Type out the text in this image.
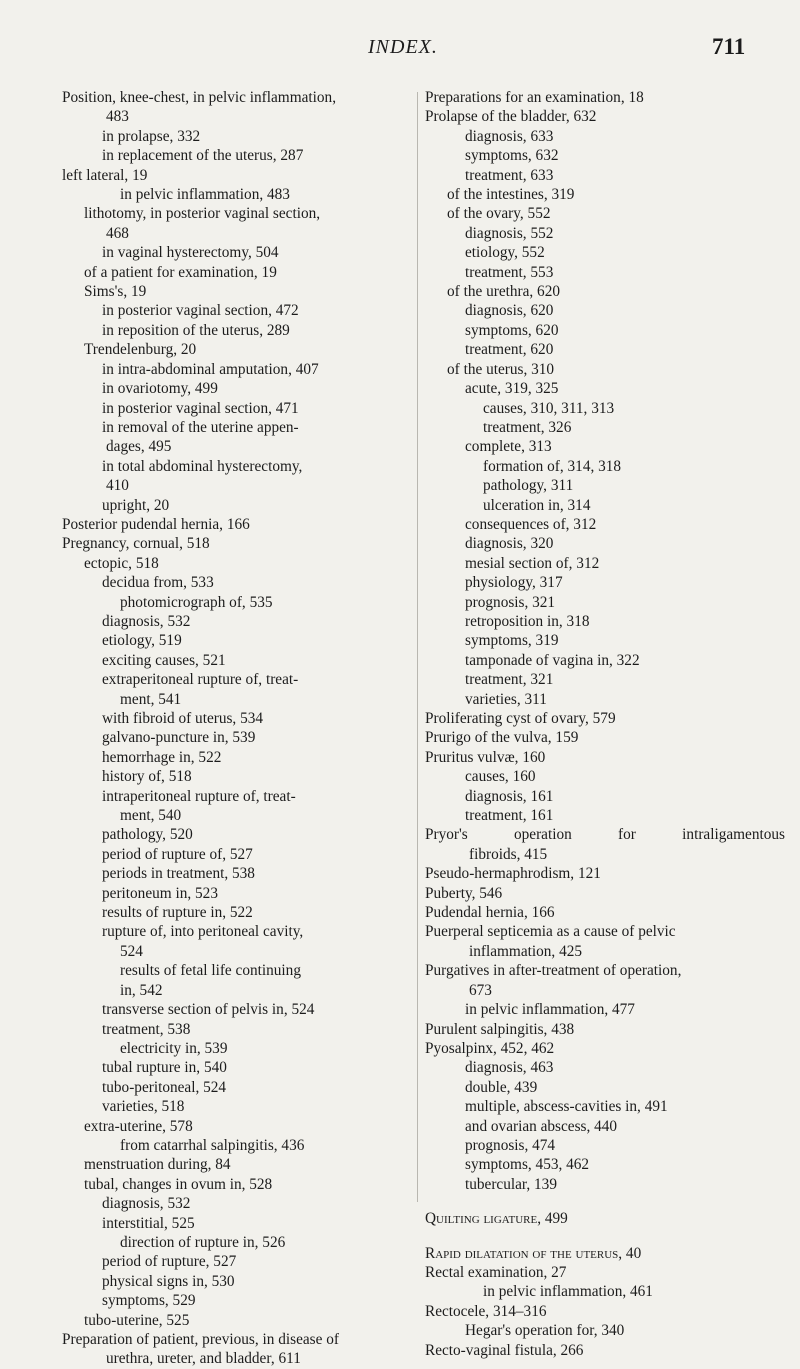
INDEX.	711
Position, knee-chest, in pelvic inflammation,
483
in prolapse, 332
in replacement of the uterus, 287
left lateral, 19
in pelvic inflammation, 483
lithotomy, in posterior vaginal section,
468
in vaginal hysterectomy, 504
of a patient for examination, 19
Sims's, 19
in posterior vaginal section, 472
in reposition of the uterus, 289
Trendelenburg, 20
in intra-abdominal amputation, 407
in ovariotomy, 499
in posterior vaginal section, 471
in removal of the uterine appen-
dages, 495
in total abdominal hysterectomy,
410
upright, 20
Posterior pudendal hernia, 166
Pregnancy, cornual, 518
ectopic, 518
decidua from, 533
photomicrograph of, 535
diagnosis, 532
etiology, 519
exciting causes, 521
extraperitoneal rupture of, treat-
ment, 541
with fibroid of uterus, 534
galvano-puncture in, 539
hemorrhage in, 522
history of, 518
intraperitoneal rupture of, treat-
ment, 540
pathology, 520
period of rupture of, 527
periods in treatment, 538
peritoneum in, 523
results of rupture in, 522
rupture of, into peritoneal cavity,
524
results of fetal life continuing
in, 542
transverse section of pelvis in, 524
treatment, 538
electricity in, 539
tubal rupture in, 540
tubo-peritoneal, 524
varieties, 518
extra-uterine, 578
from catarrhal salpingitis, 436
menstruation during, 84
tubal, changes in ovum in, 528
diagnosis, 532
interstitial, 525
direction of rupture in, 526
period of rupture, 527
physical signs in, 530
symptoms, 529
tubo-uterine, 525
Preparation of patient, previous, in disease of
urethra, ureter, and bladder, 611
Preparations for an examination, 18
Prolapse of the bladder, 632
diagnosis, 633
symptoms, 632
treatment, 633
of the intestines, 319
of the ovary, 552
diagnosis, 552
etiology, 552
treatment, 553
of the urethra, 620
diagnosis, 620
symptoms, 620
treatment, 620
of the uterus, 310
acute, 319, 325
causes, 310, 311, 313
treatment, 326
complete, 313
formation of, 314, 318
pathology, 311
ulceration in, 314
consequences of, 312
diagnosis, 320
mesial section of, 312
physiology, 317
prognosis, 321
retroposition in, 318
symptoms, 319
tamponade of vagina in, 322
treatment, 321
varieties, 311
Proliferating cyst of ovary, 579
Prurigo of the vulva, 159
Pruritus vulvæ, 160
causes, 160
diagnosis, 161
treatment, 161
Pryor's operation for intraligamentous
fibroids, 415
Pseudo-hermaphrodism, 121
Puberty, 546
Pudendal hernia, 166
Puerperal septicemia as a cause of pelvic
inflammation, 425
Purgatives in after-treatment of operation,
673
in pelvic inflammation, 477
Purulent salpingitis, 438
Pyosalpinx, 452, 462
diagnosis, 463
double, 439
multiple, abscess-cavities in, 491
and ovarian abscess, 440
prognosis, 474
symptoms, 453, 462
tubercular, 139
Quilting ligature, 499
Rapid dilatation of the uterus, 40
Rectal examination, 27
in pelvic inflammation, 461
Rectocele, 314–316
Hegar's operation for, 340
Recto-vaginal fistula, 266
